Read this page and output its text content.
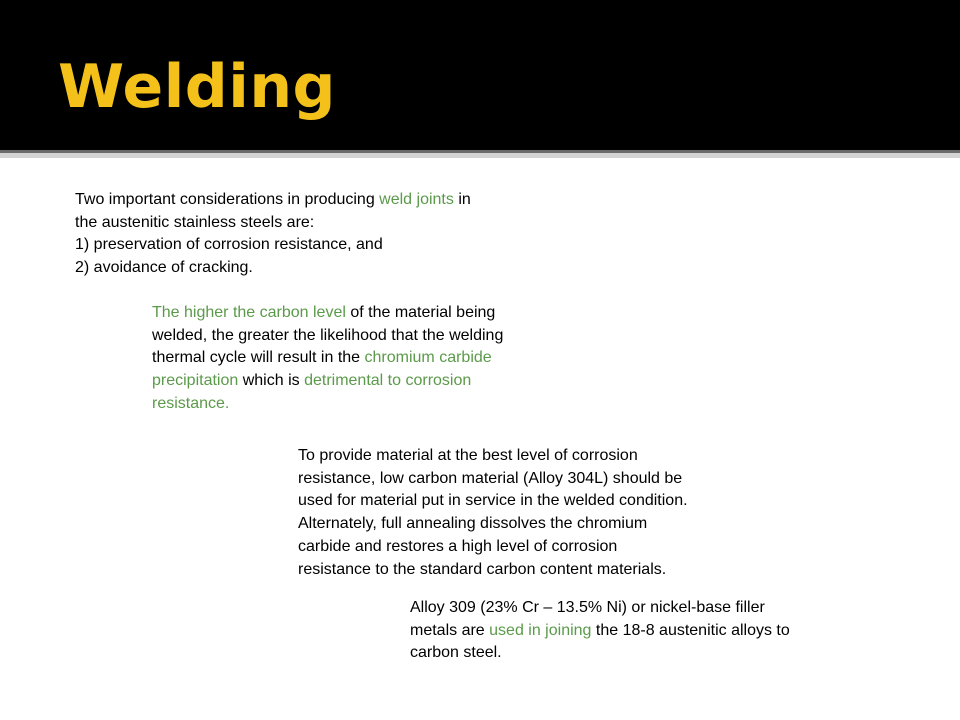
Welding

Two important considerations in producing weld joints in
the austenitic stainless steels are:
1) preservation of corrosion resistance, and
2) avoidance of cracking.

The higher the carbon level of the material being
welded, the greater the likelihood that the welding
thermal cycle will result in the chromium carbide
precipitation which is detrimental to corrosion
resistance.

To provide material at the best level of corrosion
resistance, low carbon material (Alloy 304L) should be
used for material put in service in the welded condition.
Alternately, full annealing dissolves the chromium
carbide and restores a high level of corrosion
resistance to the standard carbon content materials.

Alloy 309 (23% Cr – 13.5% Ni) or nickel-base filler
metals are used in joining the 18-8 austenitic alloys to
carbon steel.
